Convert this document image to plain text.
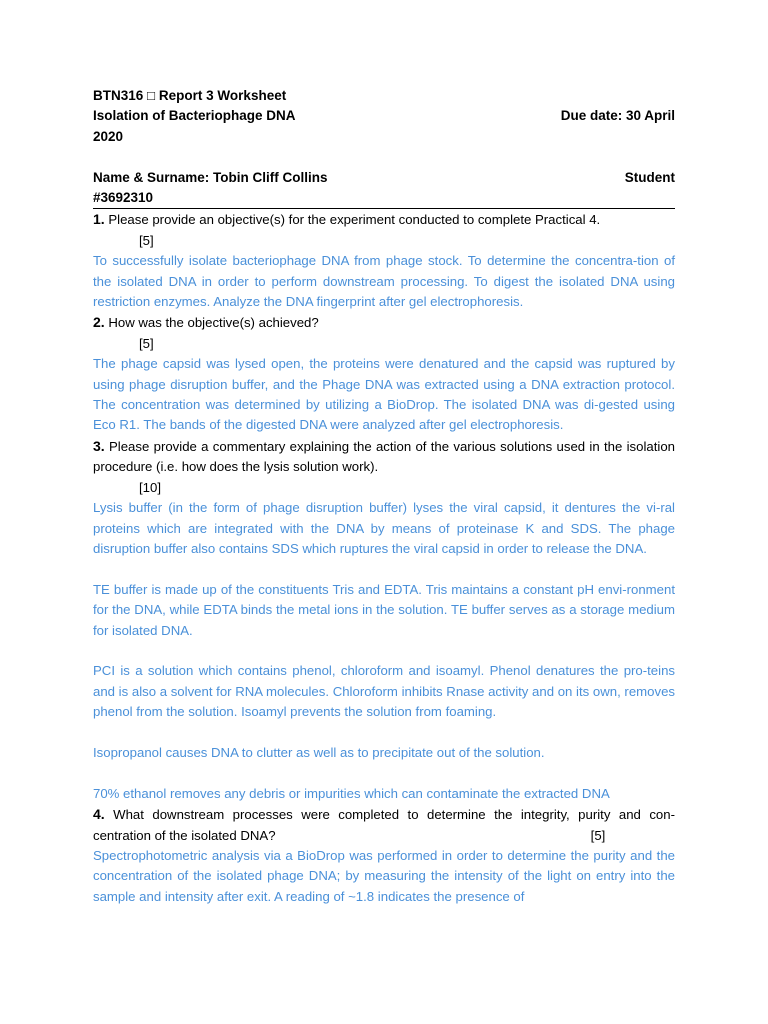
BTN316 □ Report 3 Worksheet
Isolation of Bacteriophage DNA	Due date: 30 April
2020
Name & Surname: Tobin Cliff Collins	Student
#3692310
1. Please provide an objective(s) for the experiment conducted to complete Practical 4.
[5]
To successfully isolate bacteriophage DNA from phage stock. To determine the concentra-tion of the isolated DNA in order to perform downstream processing. To digest the isolated DNA using restriction enzymes. Analyze the DNA fingerprint after gel electrophoresis.
2. How was the objective(s) achieved?
[5]
The phage capsid was lysed open, the proteins were denatured and the capsid was ruptured by using phage disruption buffer, and the Phage DNA was extracted using a DNA extraction protocol. The concentration was determined by utilizing a BioDrop. The isolated DNA was di-gested using Eco R1. The bands of the digested DNA were analyzed after gel electrophoresis.
3. Please provide a commentary explaining the action of the various solutions used in the isolation procedure (i.e. how does the lysis solution work).
[10]
Lysis buffer (in the form of phage disruption buffer) lyses the viral capsid, it dentures the vi-ral proteins which are integrated with the DNA by means of proteinase K and SDS. The phage disruption buffer also contains SDS which ruptures the viral capsid in order to release the DNA.
TE buffer is made up of the constituents Tris and EDTA. Tris maintains a constant pH envi-ronment for the DNA, while EDTA binds the metal ions in the solution. TE buffer serves as a storage medium for isolated DNA.
PCI is a solution which contains phenol, chloroform and isoamyl. Phenol denatures the pro-teins and is also a solvent for RNA molecules. Chloroform inhibits Rnase activity and on its own, removes phenol from the solution. Isoamyl prevents the solution from foaming.
Isopropanol causes DNA to clutter as well as to precipitate out of the solution.
70% ethanol removes any debris or impurities which can contaminate the extracted DNA
4. What downstream processes were completed to determine the integrity, purity and con-centration of the isolated DNA?	[5]
Spectrophotometric analysis via a BioDrop was performed in order to determine the purity and the concentration of the isolated phage DNA; by measuring the intensity of the light on entry into the sample and intensity after exit. A reading of ~1.8 indicates the presence of
